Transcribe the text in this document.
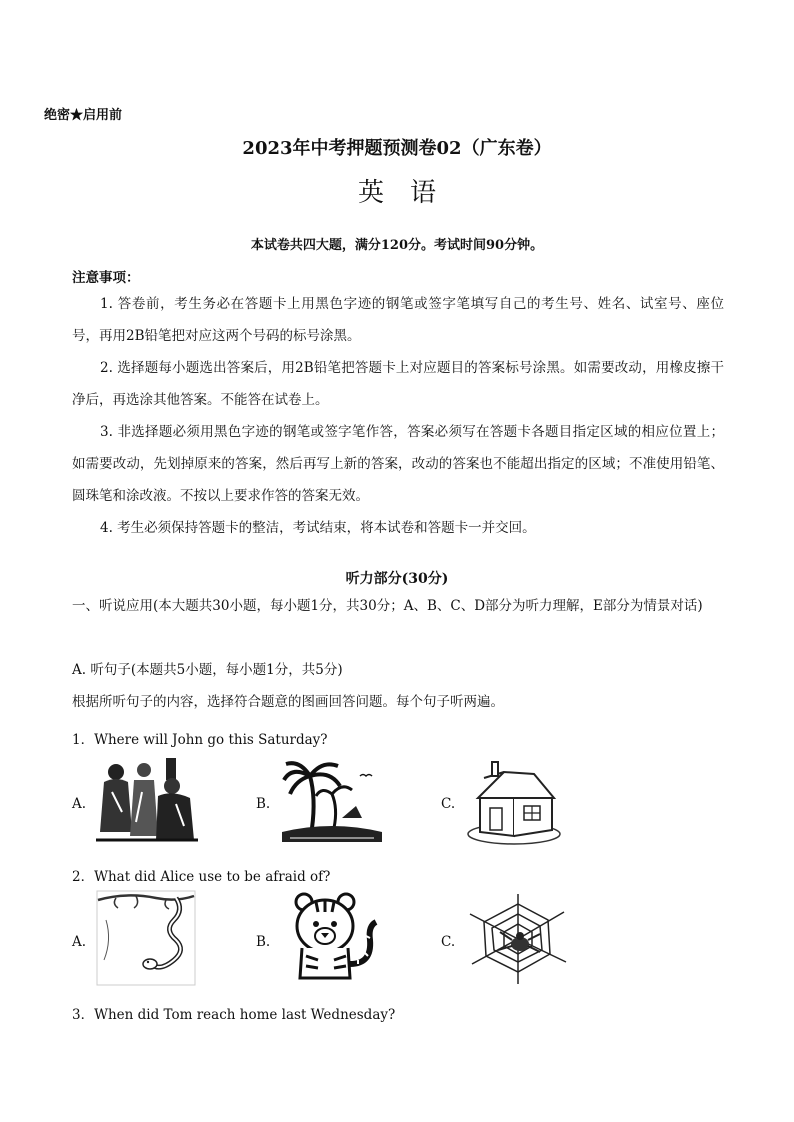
绝密★启用前
2023年中考押题预测卷02（广东卷）
英语
本试卷共四大题，满分120分。考试时间90分钟。
注意事项：
1. 答卷前，考生务必在答题卡上用黑色字迹的钢笔或签字笔填写自己的考生号、姓名、试室号、座位号，再用2B铅笔把对应这两个号码的标号涂黑。
2. 选择题每小题选出答案后，用2B铅笔把答题卡上对应题目的答案标号涂黑。如需要改动，用橡皮擦干净后，再选涂其他答案。不能答在试卷上。
3. 非选择题必须用黑色字迹的钢笔或签字笔作答，答案必须写在答题卡各题目指定区域的相应位置上；如需要改动，先划掉原来的答案，然后再写上新的答案，改动的答案也不能超出指定的区域；不准使用铅笔、圆珠笔和涂改液。不按以上要求作答的答案无效。
4. 考生必须保持答题卡的整洁，考试结束，将本试卷和答题卡一并交回。
听力部分(30分)
一、听说应用(本大题共30小题，每小题1分，共30分；A、B、C、D部分为听力理解，E部分为情景对话)
A. 听句子(本题共5小题，每小题1分，共5分)
根据所听句子的内容，选择符合题意的图画回答问题。每个句子听两遍。
1．Where will John go this Saturday?
A.	B.	C.
2．What did Alice use to be afraid of?
A.	B.	C.
3．When did Tom reach home last Wednesday?
